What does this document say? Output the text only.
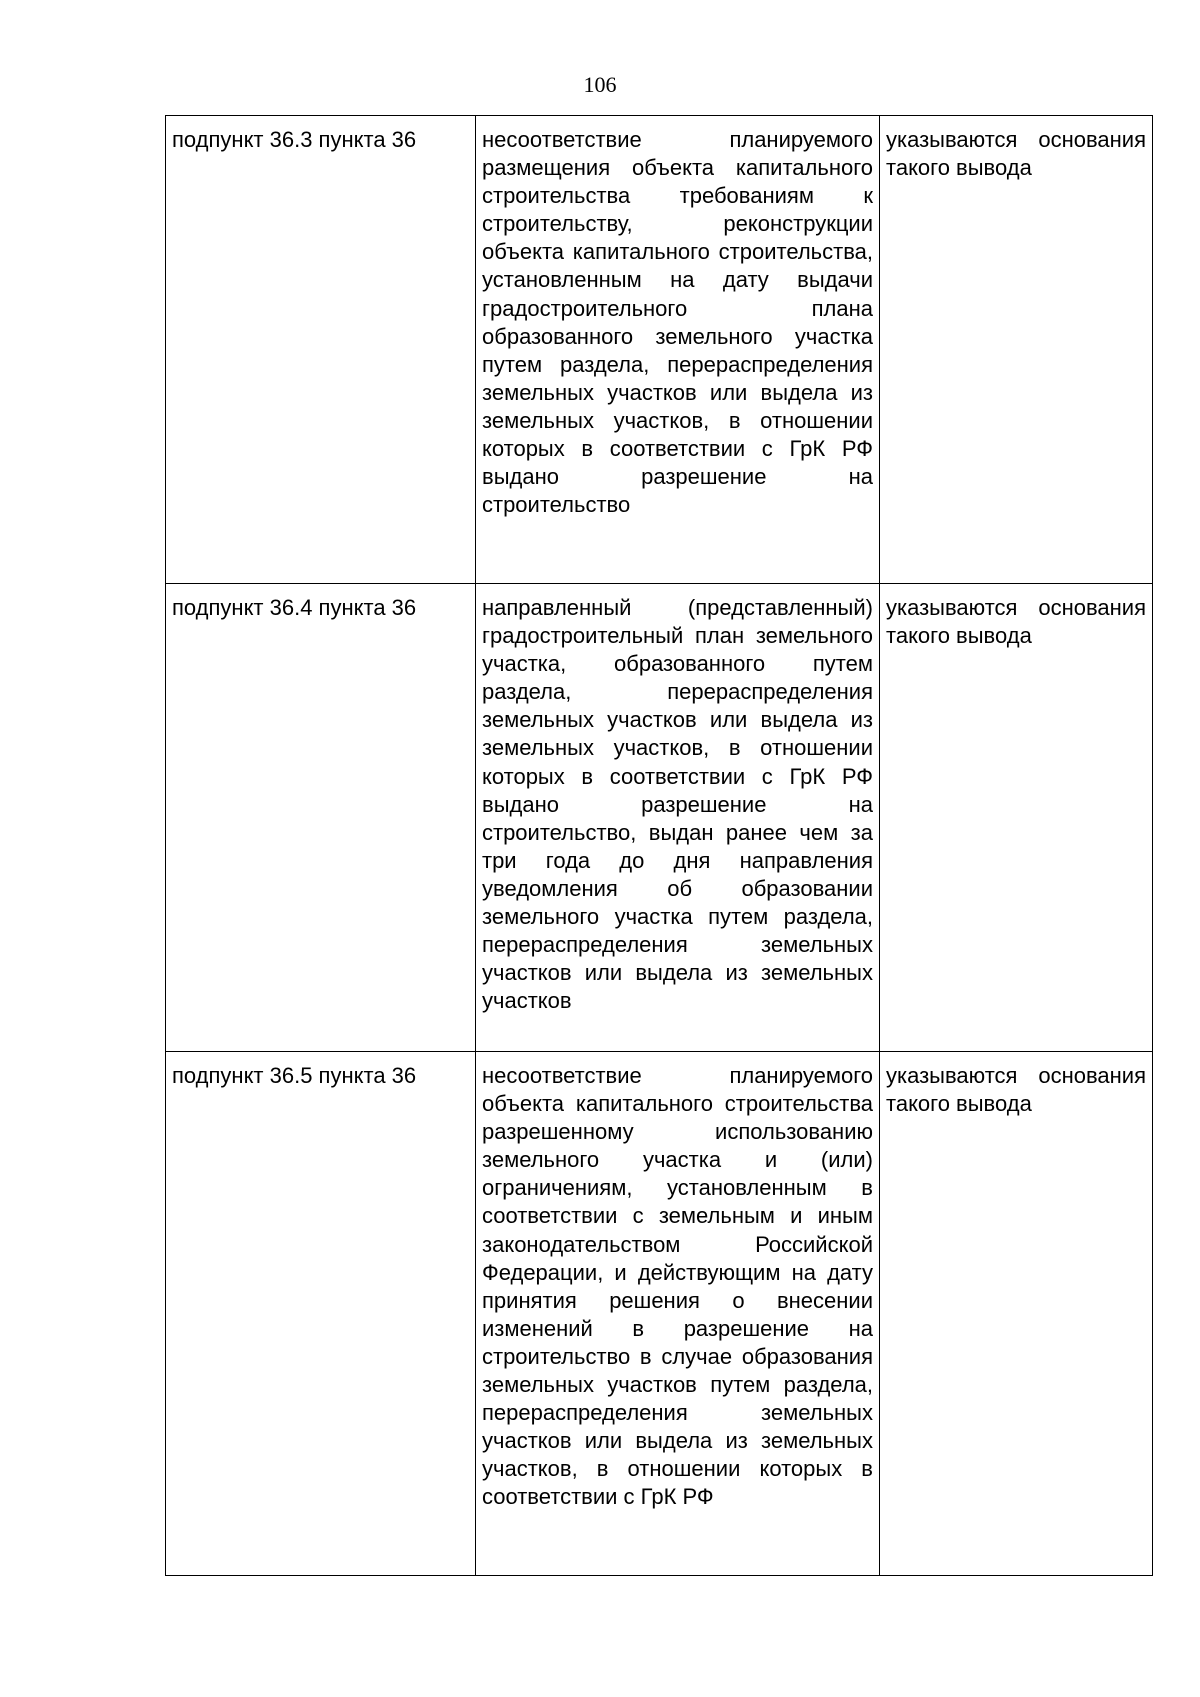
106
подпункт 36.3 пункта 36	несоответствие планируемого размещения объекта капитального строительства требованиям к строительству, реконструкции объекта капитального строительства, установленным на дату выдачи градостроительного плана образованного земельного участка путем раздела, перераспределения земельных участков или выдела из земельных участков, в отношении которых в соответствии с ГрК РФ выдано разрешение на строительство	указываются основания такого вывода
подпункт 36.4 пункта 36	направленный (представленный) градостроительный план земельного участка, образованного путем раздела, перераспределения земельных участков или выдела из земельных участков, в отношении которых в соответствии с ГрК РФ выдано разрешение на строительство, выдан ранее чем за три года до дня направления уведомления об образовании земельного участка путем раздела, перераспределения земельных участков или выдела из земельных участков	указываются основания такого вывода
подпункт 36.5 пункта 36	несоответствие планируемого объекта капитального строительства разрешенному использованию земельного участка и (или) ограничениям, установленным в соответствии с земельным и иным законодательством Российской Федерации, и действующим на дату принятия решения о внесении изменений в разрешение на строительство в случае образования земельных участков путем раздела, перераспределения земельных участков или выдела из земельных участков, в отношении которых в соответствии с ГрК РФ	указываются основания такого вывода
